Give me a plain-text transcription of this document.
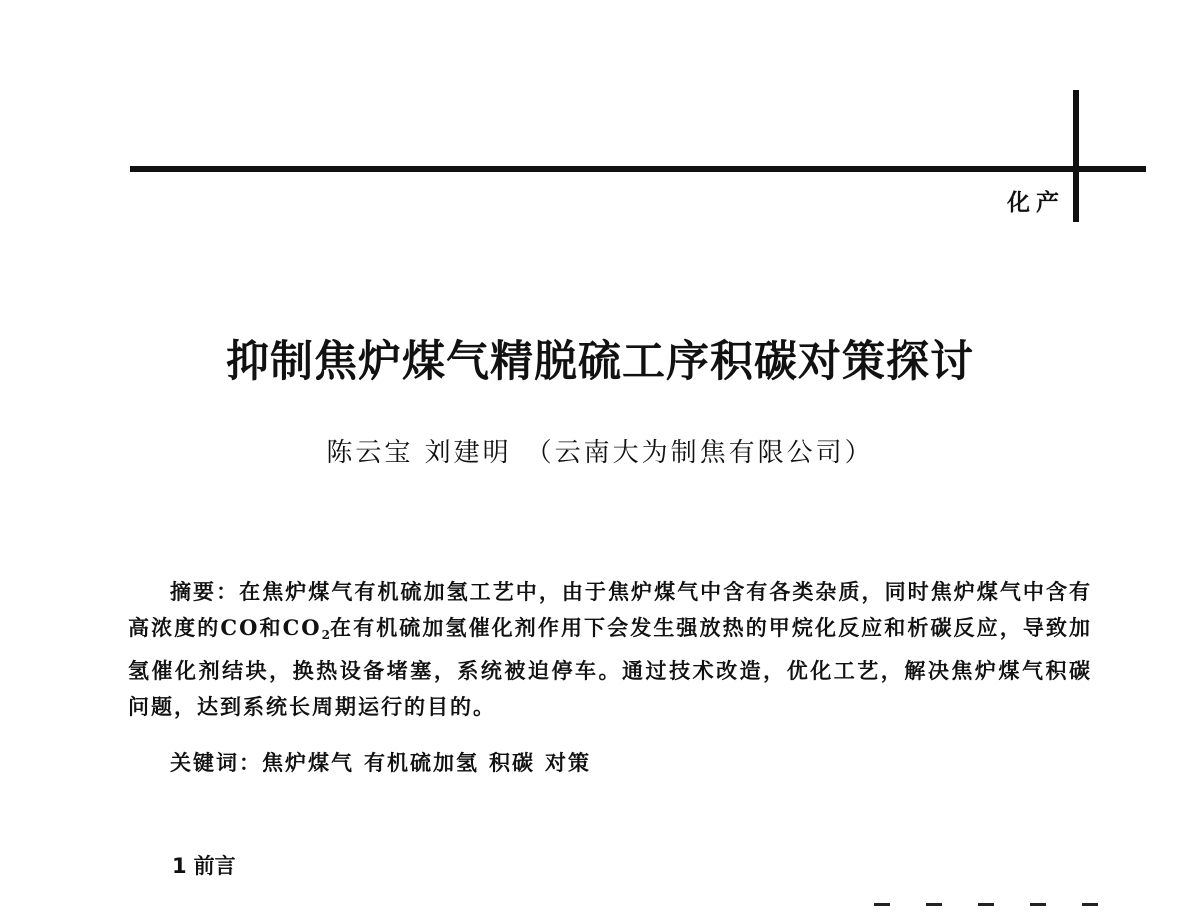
化产
抑制焦炉煤气精脱硫工序积碳对策探讨
陈云宝 刘建明 （云南大为制焦有限公司）

摘要：在焦炉煤气有机硫加氢工艺中，由于焦炉煤气中含有各类杂质，同时焦炉煤气中含有高浓度的CO和$CO_2$在有机硫加氢催化剂作用下会发生强放热的甲烷化反应和析碳反应，导致加氢催化剂结块，换热设备堵塞，系统被迫停车。通过技术改造，优化工艺，解决焦炉煤气积碳问题，达到系统长周期运行的目的。

关键词：焦炉煤气 有机硫加氢 积碳 对策
1 前言
